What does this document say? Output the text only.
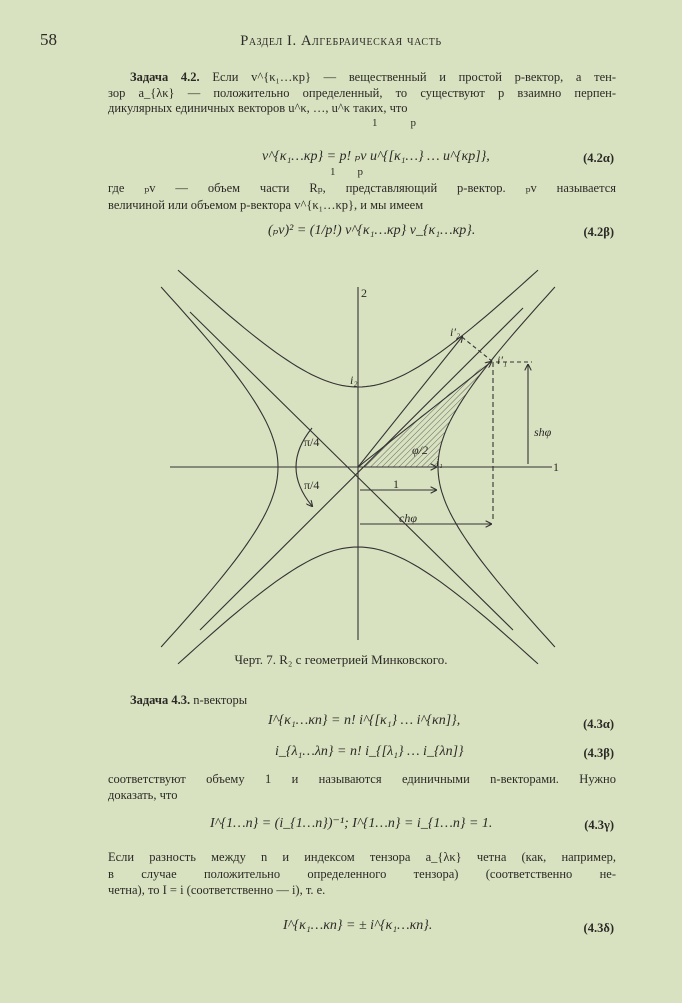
58	Раздел I. Алгебраическая часть
Задача 4.2. Если v^{κ₁…κp} — вещественный и простой p-вектор, а тен-
зор a_{λκ} — положительно определенный, то существуют p взаимно перпен-
дикулярных единичных векторов u^κ, …, u^κ таких, что
1            p
v^{κ₁…κp} = p! ₚv u^{[κ₁…} … u^{κp]},
1        p
(4.2α)
где ₚv — объем части Rₚ, представляющий p-вектор. ₚv называется
величиной или объемом p-вектора v^{κ₁…κp}, и мы имеем
(ₚv)² = (1/p!) v^{κ₁…κp} v_{κ₁…κp}.	(4.2β)
2
1
i₂
i₁
i′₂
i′₁
π/4
π/4
φ/2
shφ
chφ
1
Черт. 7. R₂ с геометрией Минковского.
Задача 4.3. n-векторы
I^{κ₁…κn} = n! i^{[κ₁} … i^{κn]},	(4.3α)
i_{λ₁…λn} = n! i_{[λ₁} … i_{λn]}	(4.3β)
соответствуют объему 1 и называются единичными n-векторами. Нужно
доказать, что
I^{1…n} = (i_{1…n})⁻¹; I^{1…n} = i_{1…n} = 1.	(4.3γ)
Если разность между n и индексом тензора a_{λκ} четна (как, например,
в случае положительно определенного тензора) (соответственно не-
четна), то I = i (соответственно — i), т. е.
I^{κ₁…κn} = ± i^{κ₁…κn}.	(4.3δ)
